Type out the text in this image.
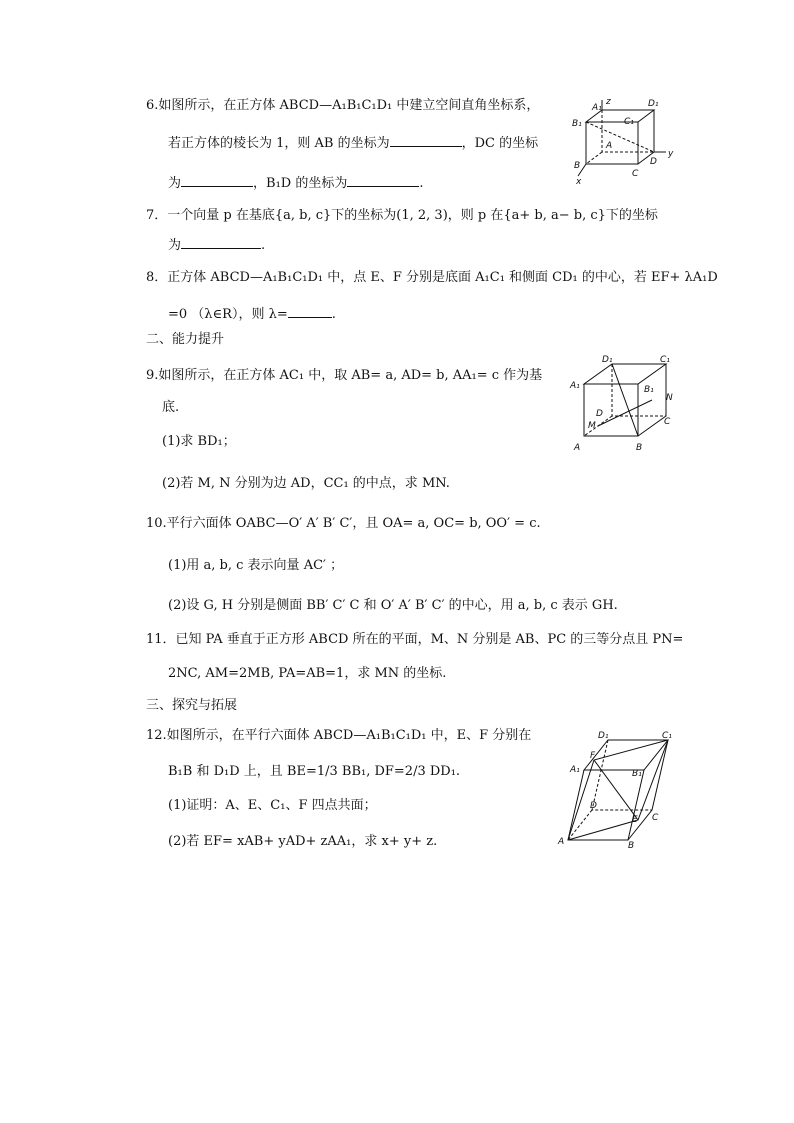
6.如图所示，在正方体 ABCD—A₁B₁C₁D₁ 中建立空间直角坐标系，
若正方体的棱长为 1，则 AB 的坐标为	，DC 的坐标
为	，B₁D 的坐标为	.
A₁
z	D₁
B₁	C₁
A
B	D
y
x
C
7．一个向量 p 在基底{a, b, c}下的坐标为(1, 2, 3)，则 p 在{a+ b, a− b, c}下的坐标
为	.
8．正方体 ABCD—A₁B₁C₁D₁ 中，点 E、F 分别是底面 A₁C₁ 和侧面 CD₁ 的中心，若 EF+ λA₁D
=0 （λ∈R），则 λ=	.
二、能力提升
9.如图所示，在正方体 AC₁ 中，取 AB= a, AD= b, AA₁= c 作为基
底.
(1)求 BD₁；
(2)若 M, N 分别为边 AD，CC₁ 的中点，求 MN.
D₁	C₁
A₁	B₁
N
D
M	C
A	B
10.平行六面体 OABC—O′ A′ B′ C′，且 OA= a, OC= b, OO′ = c.
(1)用 a, b, c 表示向量 AC′ ；
(2)设 G, H 分别是侧面 BB′ C′ C 和 O′ A′ B′ C′ 的中心，用 a, b, c 表示 GH.
11．已知 PA 垂直于正方形 ABCD 所在的平面，M、N 分别是 AB、PC 的三等分点且 PN=
2NC, AM=2MB, PA=AB=1，求 MN 的坐标.
三、探究与拓展
12.如图所示，在平行六面体 ABCD—A₁B₁C₁D₁ 中，E、F 分别在
B₁B 和 D₁D 上，且 BE=1/3 BB₁, DF=2/3 DD₁.
(1)证明：A、E、C₁、F 四点共面；
(2)若 EF= xAB+ yAD+ zAA₁，求 x+ y+ z.
D₁	C₁
A₁
F
B₁
D
E C
A	B
